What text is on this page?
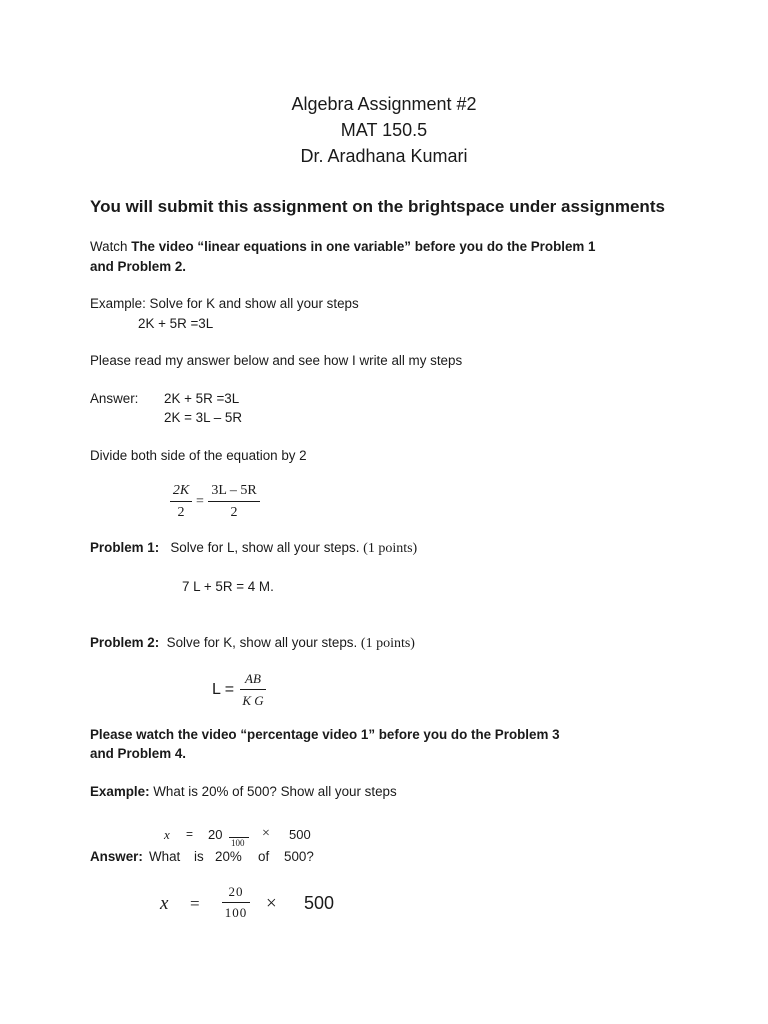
Algebra Assignment #2
MAT 150.5
Dr. Aradhana Kumari
You will submit this assignment on the brightspace under assignments
Watch The video “linear equations in one variable” before you do the Problem 1
and Problem 2.
Example: Solve for K and show all your steps
2K + 5R =3L
Please read my answer below and see how I write all my steps
Answer: 2K + 5R =3L
2K = 3L – 5R
Divide both side of the equation by 2
2K
2
=
3L – 5R
2
Problem 1: Solve for L, show all your steps. (1 points)
7 L + 5R = 4 M.
Problem 2: Solve for K, show all your steps. (1 points)
L =
AB
K G
Please watch the video “percentage video 1” before you do the Problem 3
and Problem 4.
Example: What is 20% of 500? Show all your steps
x = 20
100
× 500
Answer: What is 20% of 500?
x =
20
100 × 500
